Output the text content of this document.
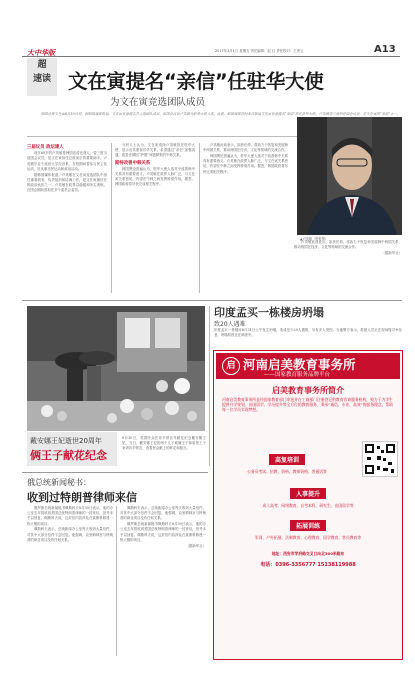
大中华版	2017年3月1日 星期五 责任编辑：赵 红 责任校对：王秀云	A13
超
速读 文在寅提名“亲信”任驻华大使
为文在寅竞选团队成员
韩国总统文在寅8月30日说，据韩国媒体报道，文在寅有意提名其竞选团队成员、前国会议员卢英敏为驻华大使人选。此前，韩国媒体曾经多次报道文在寅有意提名“亲信”担任驻外大使。卢英敏曾三度担任国会议员，是文在寅的“亲信”之一。
三届议员 政坛達人

现年60岁的卢英敏是韩国忠清北道人，曾三度当选国会议员，是文在寅担任总统前后的重要助手。卢英敏毕业于延世大学经济系，在校期间曾参与民主化运动，后从事市民运动和政治活动。

据韩国媒体报道，卢英敏在文在寅竞选团队中担任重要职务，负责组织和协调工作，是文在寅最信任的政治伙伴之一。卢英敏在政界以稳健和务实著称，在国会期间曾担任多个委员会委员。

分析人士认为，文在寅选择卢英敏担任驻华大使，显示出其重视对华关系，希望通过“亲信”加强沟通，改善近期因“萨德”问题紧张的中韩关系。

期待改善中韩关系

韩国舆论普遍认为，驻华大使人选对于改善韩中关系具有重要意义。卢英敏在政界人脉广泛，与文在寅关系密切，有望在中韩之间发挥桥梁作用。据悉，韩国政府将尽快完成相关程序。

卢英敏此前表示，如获任命，将致力于恢复和发展韩中两国关系，推动两国在经济、文化等领域的交流合作。

韩国舆论普遍认为，驻华大使人选对于改善韩中关系具有重要意义。卢英敏在政界人脉广泛，与文在寅关系密切，有望在中韩之间发挥桥梁作用。据悉，韩国政府将尽快完成相关程序。

卢英敏此前表示，如获任命，将致力于恢复和发展韩中两国关系，推动两国在经济、文化等领域的交流合作。

（据新华社）
▲卢英敏（资料图）
戴安娜王妃逝世20周年
俩王子献花纪念
8月30日，英国民众在肯辛顿宫外献花纪念戴安娜王妃。当日，戴安娜王妃的两个儿子威廉王子和哈里王子来到肯辛顿宫，查看民众献上的鲜花和留言。
印度孟买一栋楼房坍塌
致20人遇难
印度孟买一栋楼房8月31日上午发生坍塌，造成至少20人遇难，另有多人受伤。当地警方表示，救援人员正在现场搜寻幸存者，坍塌原因正在调查中。
启 河南启美教育事务所
——国家教育服务品牌平台
启美教育事务所简介
河南启美教育事务所是经国家教育部门审批并在工商部门注册登记的教育咨询服务机构，致力于为学生提供升学规划、出国留学、学历提升等全方位的教育服务，秉承“诚信、专业、高效”的服务理念，帮助每一位学员实现梦想。
高复培训
公务员考试、招教、资格、教师资格、普通话等
人事提升
成人高考、网络教育、自考本科、研究生、出国留学等
拓展训练
军训、户外拓展、法制教育、心理教育、国学教育、营员教育等
地址：西安市学府路交叉口向北300米路东
电话：0396-3356777 15138119988
俄总统新闻秘书：
收到过特朗普律师来信

俄罗斯总统新闻秘书佩斯科夫8月30日表示，他的办公室去年曾收到美国总统特朗普律师的一封来信，但并未予以回复。佩斯科夫说，这封信内容涉及在莫斯科修建一栋大楼的项目。

佩斯科夫表示，总统新闻办公室每天收到大量信件，对其中大部分信件不会回复。他强调，克里姆林宫与特朗普的商业项目没有任何关系。

佩斯科夫表示，总统新闻办公室每天收到大量信件，对其中大部分信件不会回复。他强调，克里姆林宫与特朗普的商业项目没有任何关系。

俄罗斯总统新闻秘书佩斯科夫8月30日表示，他的办公室去年曾收到美国总统特朗普律师的一封来信，但并未予以回复。佩斯科夫说，这封信内容涉及在莫斯科修建一栋大楼的项目。

（据新华社）
